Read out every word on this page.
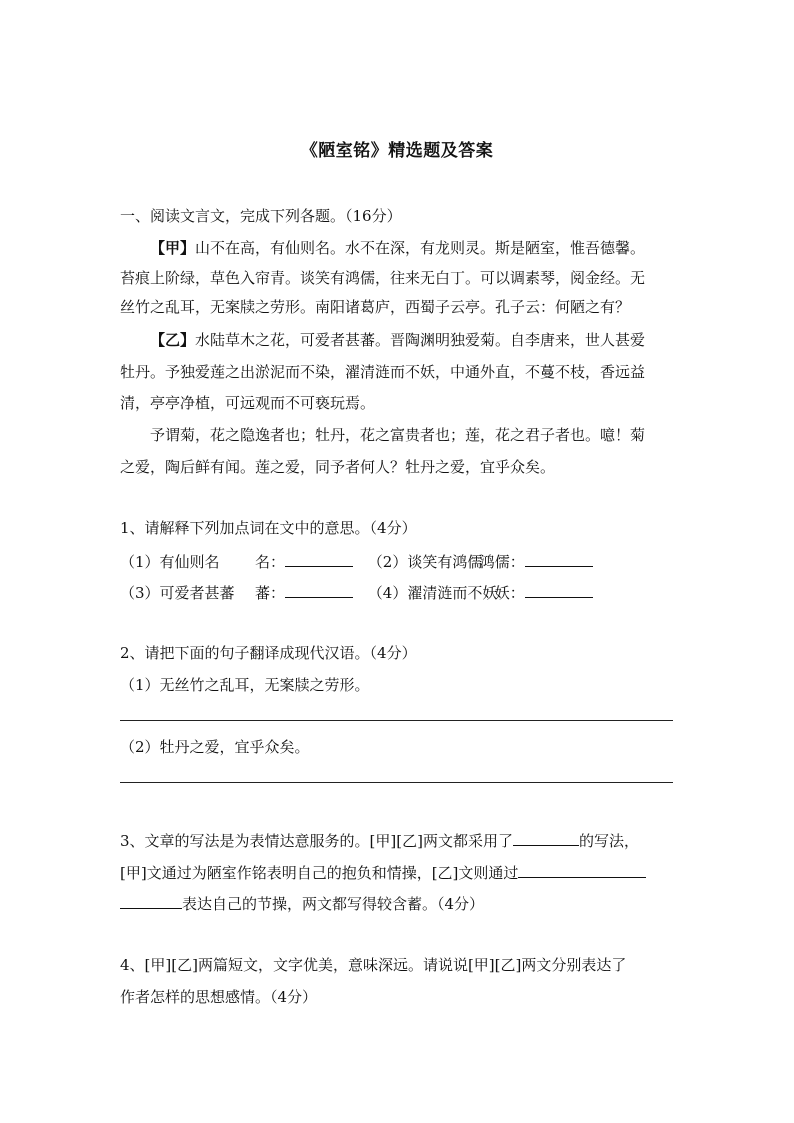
《陋室铭》精选题及答案
一、阅读文言文，完成下列各题。（16分）
【甲】山不在高，有仙则名。水不在深，有龙则灵。斯是陋室，惟吾德馨。
苔痕上阶绿，草色入帘青。谈笑有鸿儒，往来无白丁。可以调素琴，阅金经。无
丝竹之乱耳，无案牍之劳形。南阳诸葛庐，西蜀子云亭。孔子云：何陋之有？
【乙】水陆草木之花，可爱者甚蕃。晋陶渊明独爱菊。自李唐来，世人甚爱
牡丹。予独爱莲之出淤泥而不染，濯清涟而不妖，中通外直，不蔓不枝，香远益
清，亭亭净植，可远观而不可亵玩焉。
予谓菊，花之隐逸者也；牡丹，花之富贵者也；莲，花之君子者也。噫！菊
之爱，陶后鲜有闻。莲之爱，同予者何人？牡丹之爱，宜乎众矣。
1、请解释下列加点词在文中的意思。（4分）
（1）有仙则名 名：	（2）谈笑有鸿儒鸿儒：
（3）可爱者甚蕃 蕃：	（4）濯清涟而不妖妖：
2、请把下面的句子翻译成现代汉语。（4分）
（1）无丝竹之乱耳，无案牍之劳形。
（2）牡丹之爱，宜乎众矣。
3、文章的写法是为表情达意服务的。[甲][乙]两文都采用了	的写法，
[甲]文通过为陋室作铭表明自己的抱负和情操，[乙]文则通过
表达自己的节操，两文都写得较含蓄。（4分）
4、[甲][乙]两篇短文，文字优美，意味深远。请说说[甲][乙]两文分别表达了
作者怎样的思想感情。（4分）
